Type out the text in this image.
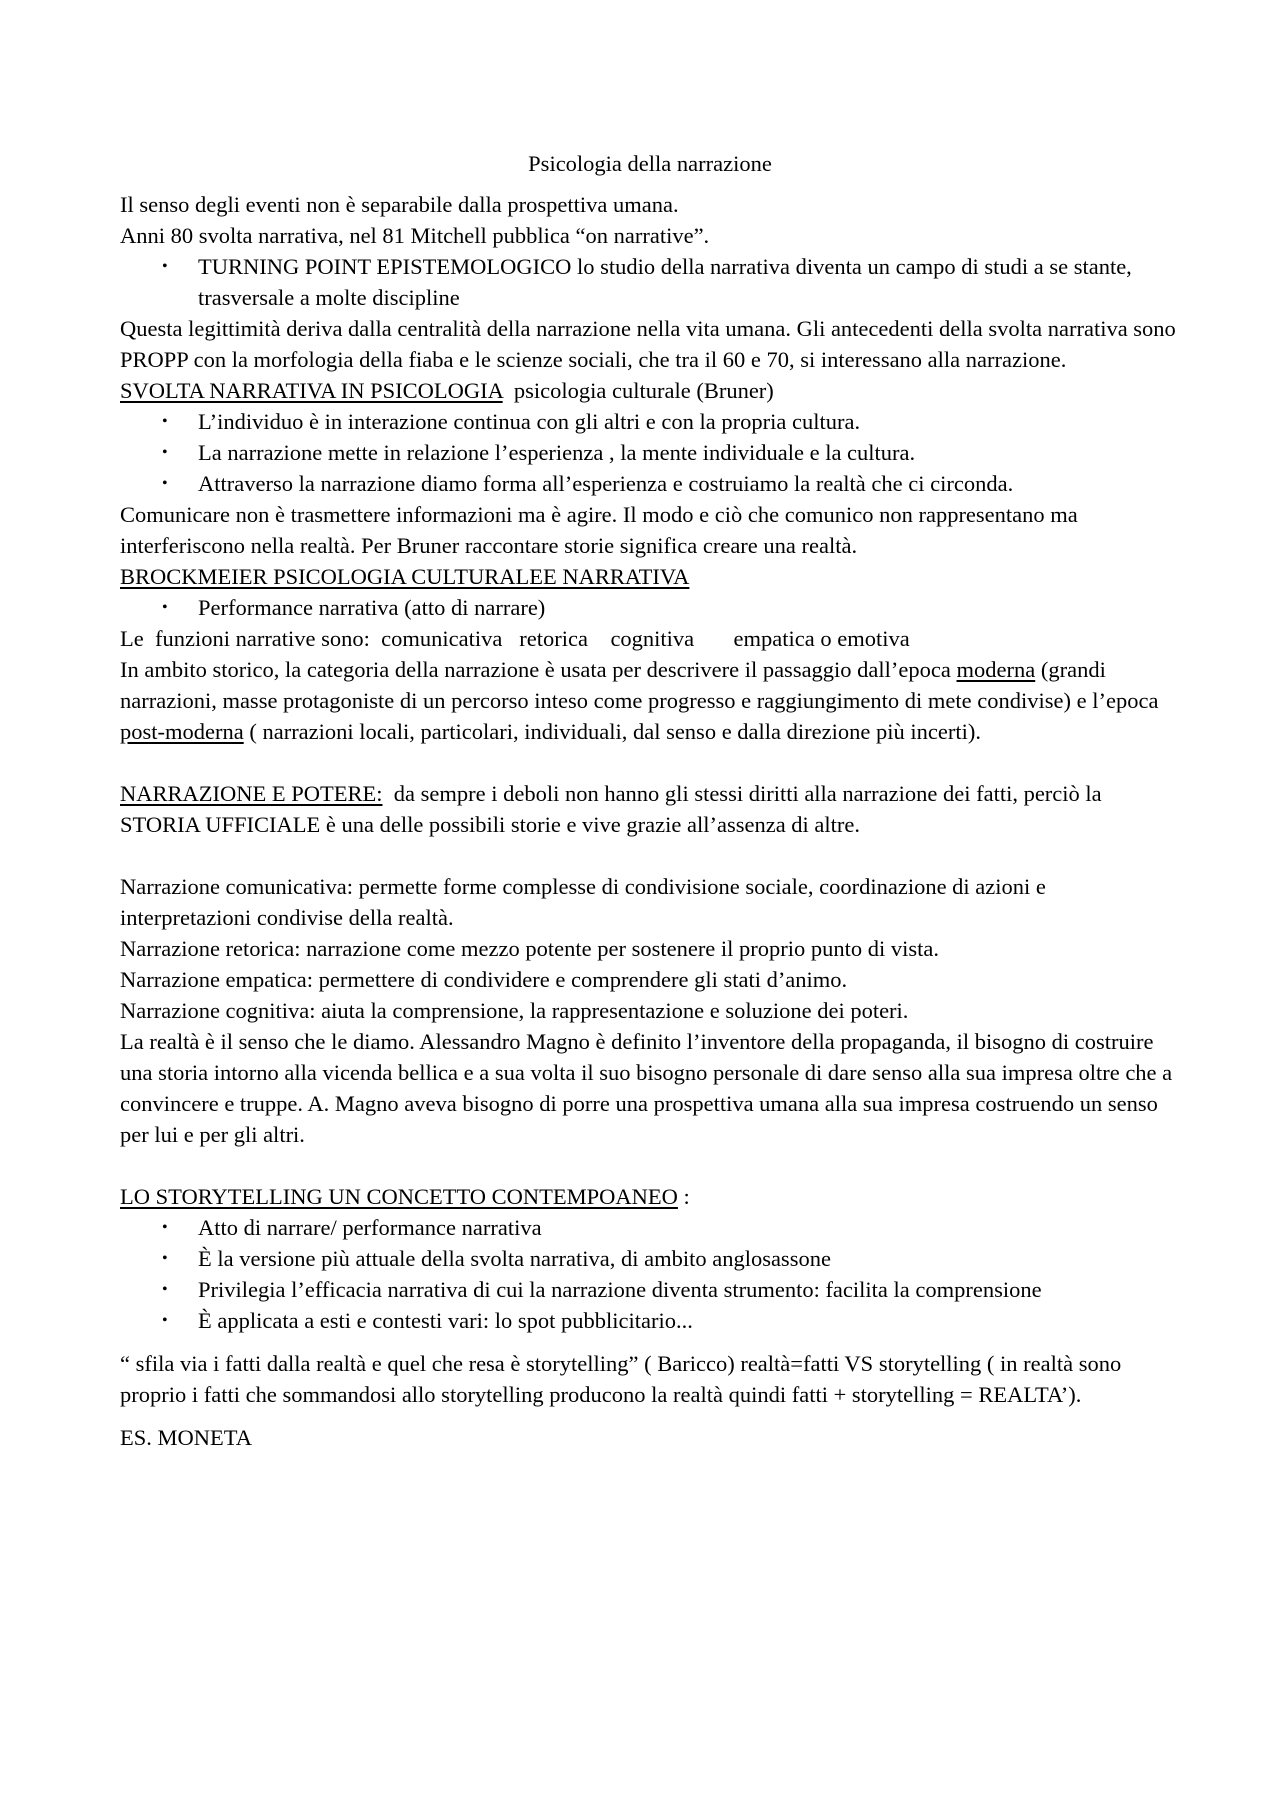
Psicologia della narrazione

Il senso degli eventi non è separabile dalla prospettiva umana.

Anni 80 svolta narrativa, nel 81 Mitchell pubblica “on narrative”.

• TURNING POINT EPISTEMOLOGICO lo studio della narrativa diventa un campo di studi a se stante, trasversale a molte discipline

Questa legittimità deriva dalla centralità della narrazione nella vita umana. Gli antecedenti della svolta narrativa sono PROPP con la morfologia della fiaba e le scienze sociali, che tra il 60 e 70, si interessano alla narrazione.

SVOLTA NARRATIVA IN PSICOLOGIA  psicologia culturale (Bruner)

• L’individuo è in interazione continua con gli altri e con la propria cultura.
• La narrazione mette in relazione l’esperienza , la mente individuale e la cultura.
• Attraverso la narrazione diamo forma all’esperienza e costruiamo la realtà che ci circonda.

Comunicare non è trasmettere informazioni ma è agire. Il modo e ciò che comunico non rappresentano ma interferiscono nella realtà. Per Bruner raccontare storie significa creare una realtà.

BROCKMEIER PSICOLOGIA CULTURALEE NARRATIVA

• Performance narrativa (atto di narrare)

Le  funzioni narrative sono:  comunicativa   retorica    cognitiva       empatica o emotiva

In ambito storico, la categoria della narrazione è usata per descrivere il passaggio dall’epoca moderna (grandi narrazioni, masse protagoniste di un percorso inteso come progresso e raggiungimento di mete condivise) e l’epoca post-moderna ( narrazioni locali, particolari, individuali, dal senso e dalla direzione più incerti).

NARRAZIONE E POTERE:  da sempre i deboli non hanno gli stessi diritti alla narrazione dei fatti, perciò la STORIA UFFICIALE è una delle possibili storie e vive grazie all’assenza di altre.

Narrazione comunicativa: permette forme complesse di condivisione sociale, coordinazione di azioni e interpretazioni condivise della realtà.

Narrazione retorica: narrazione come mezzo potente per sostenere il proprio punto di vista.

Narrazione empatica: permettere di condividere e comprendere gli stati d’animo.

Narrazione cognitiva: aiuta la comprensione, la rappresentazione e soluzione dei poteri.

La realtà è il senso che le diamo. Alessandro Magno è definito l’inventore della propaganda, il bisogno di costruire una storia intorno alla vicenda bellica e a sua volta il suo bisogno personale di dare senso alla sua impresa oltre che a convincere e truppe. A. Magno aveva bisogno di porre una prospettiva umana alla sua impresa costruendo un senso per lui e per gli altri.

LO STORYTELLING UN CONCETTO CONTEMPOANEO :

• Atto di narrare/ performance narrativa
• È la versione più attuale della svolta narrativa, di ambito anglosassone
• Privilegia l’efficacia narrativa di cui la narrazione diventa strumento: facilita la comprensione
• È applicata a esti e contesti vari: lo spot pubblicitario...

“ sfila via i fatti dalla realtà e quel che resa è storytelling” ( Baricco) realtà=fatti VS storytelling ( in realtà sono proprio i fatti che sommandosi allo storytelling producono la realtà quindi fatti + storytelling = REALTA’).

ES. MONETA
